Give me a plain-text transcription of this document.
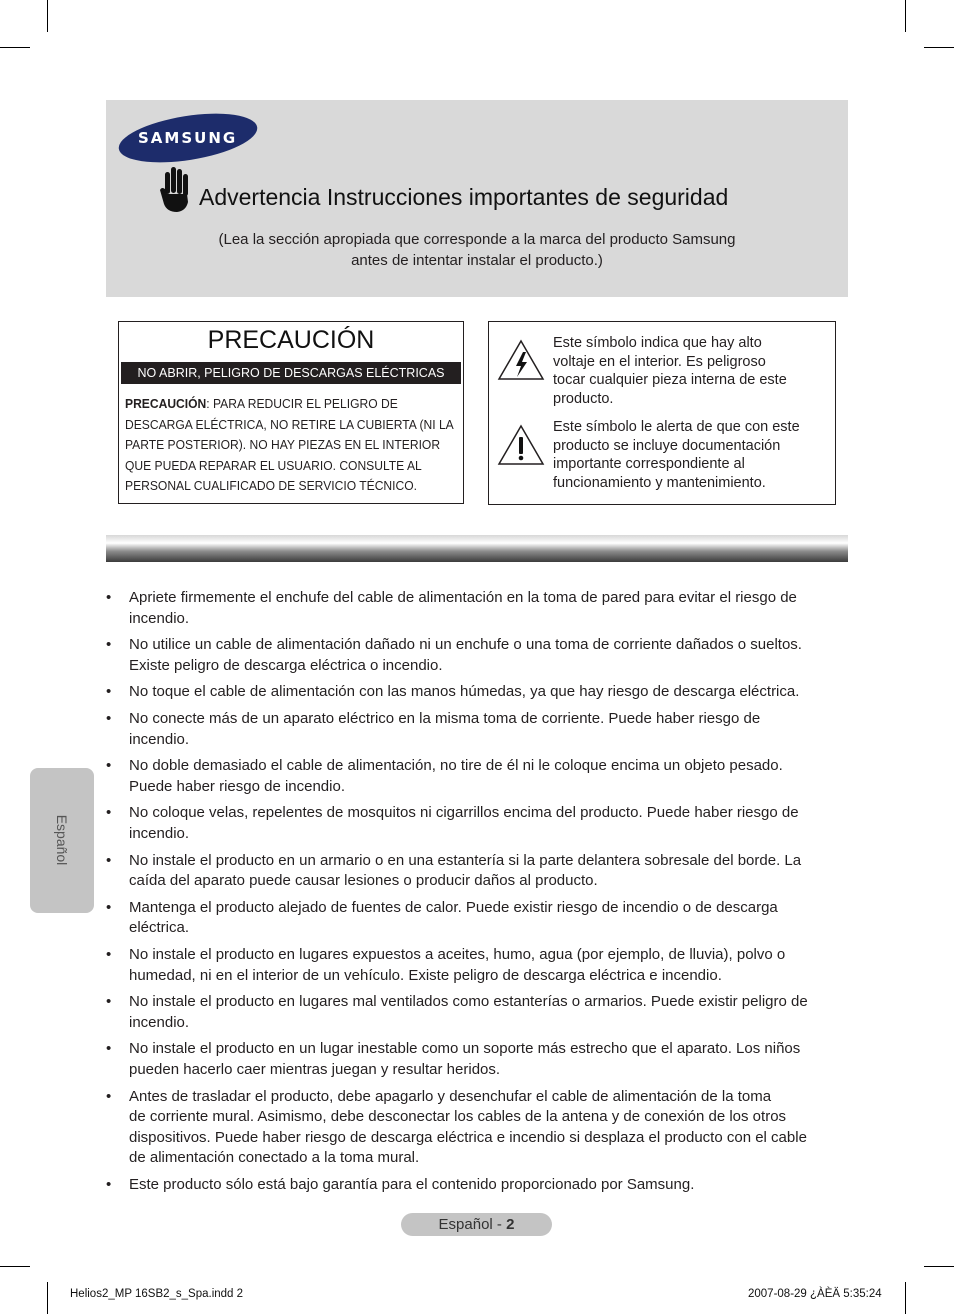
SAMSUNG
Advertencia Instrucciones importantes de seguridad
(Lea la sección apropiada que corresponde a la marca del producto Samsung
antes de intentar instalar el producto.)
PRECAUCIÓN
NO ABRIR, PELIGRO DE DESCARGAS ELÉCTRICAS
PRECAUCIÓN: PARA REDUCIR EL PELIGRO DE
DESCARGA ELÉCTRICA, NO RETIRE LA CUBIERTA (NI LA
PARTE POSTERIOR). NO HAY PIEZAS EN EL INTERIOR
QUE PUEDA REPARAR EL USUARIO. CONSULTE AL
PERSONAL CUALIFICADO DE SERVICIO TÉCNICO.
Este símbolo indica que hay alto
voltaje en el interior. Es peligroso
tocar cualquier pieza interna de este
producto.
Este símbolo le alerta de que con este
producto se incluye documentación
importante correspondiente al
funcionamiento y mantenimiento.
Español
• Apriete firmemente el enchufe del cable de alimentación en la toma de pared para evitar el riesgo de
incendio.
• No utilice un cable de alimentación dañado ni un enchufe o una toma de corriente dañados o sueltos.
Existe peligro de descarga eléctrica o incendio.
• No toque el cable de alimentación con las manos húmedas, ya que hay riesgo de descarga eléctrica.
• No conecte más de un aparato eléctrico en la misma toma de corriente. Puede haber riesgo de
incendio.
• No doble demasiado el cable de alimentación, no tire de él ni le coloque encima un objeto pesado.
Puede haber riesgo de incendio.
• No coloque velas, repelentes de mosquitos ni cigarrillos encima del producto. Puede haber riesgo de
incendio.
• No instale el producto en un armario o en una estantería si la parte delantera sobresale del borde. La
caída del aparato puede causar lesiones o producir daños al producto.
• Mantenga el producto alejado de fuentes de calor. Puede existir riesgo de incendio o de descarga
eléctrica.
• No instale el producto en lugares expuestos a aceites, humo, agua (por ejemplo, de lluvia), polvo o
humedad, ni en el interior de un vehículo. Existe peligro de descarga eléctrica e incendio.
• No instale el producto en lugares mal ventilados como estanterías o armarios. Puede existir peligro de
incendio.
• No instale el producto en un lugar inestable como un soporte más estrecho que el aparato. Los niños
pueden hacerlo caer mientras juegan y resultar heridos.
• Antes de trasladar el producto, debe apagarlo y desenchufar el cable de alimentación de la toma
de corriente mural. Asimismo, debe desconectar los cables de la antena y de conexión de los otros
dispositivos. Puede haber riesgo de descarga eléctrica e incendio si desplaza el producto con el cable
de alimentación conectado a la toma mural.
• Este producto sólo está bajo garantía para el contenido proporcionado por Samsung.
Español - 2
Helios2_MP 16SB2_s_Spa.indd 2	2007-08-29 ¿ÀÈÄ 5:35:24
